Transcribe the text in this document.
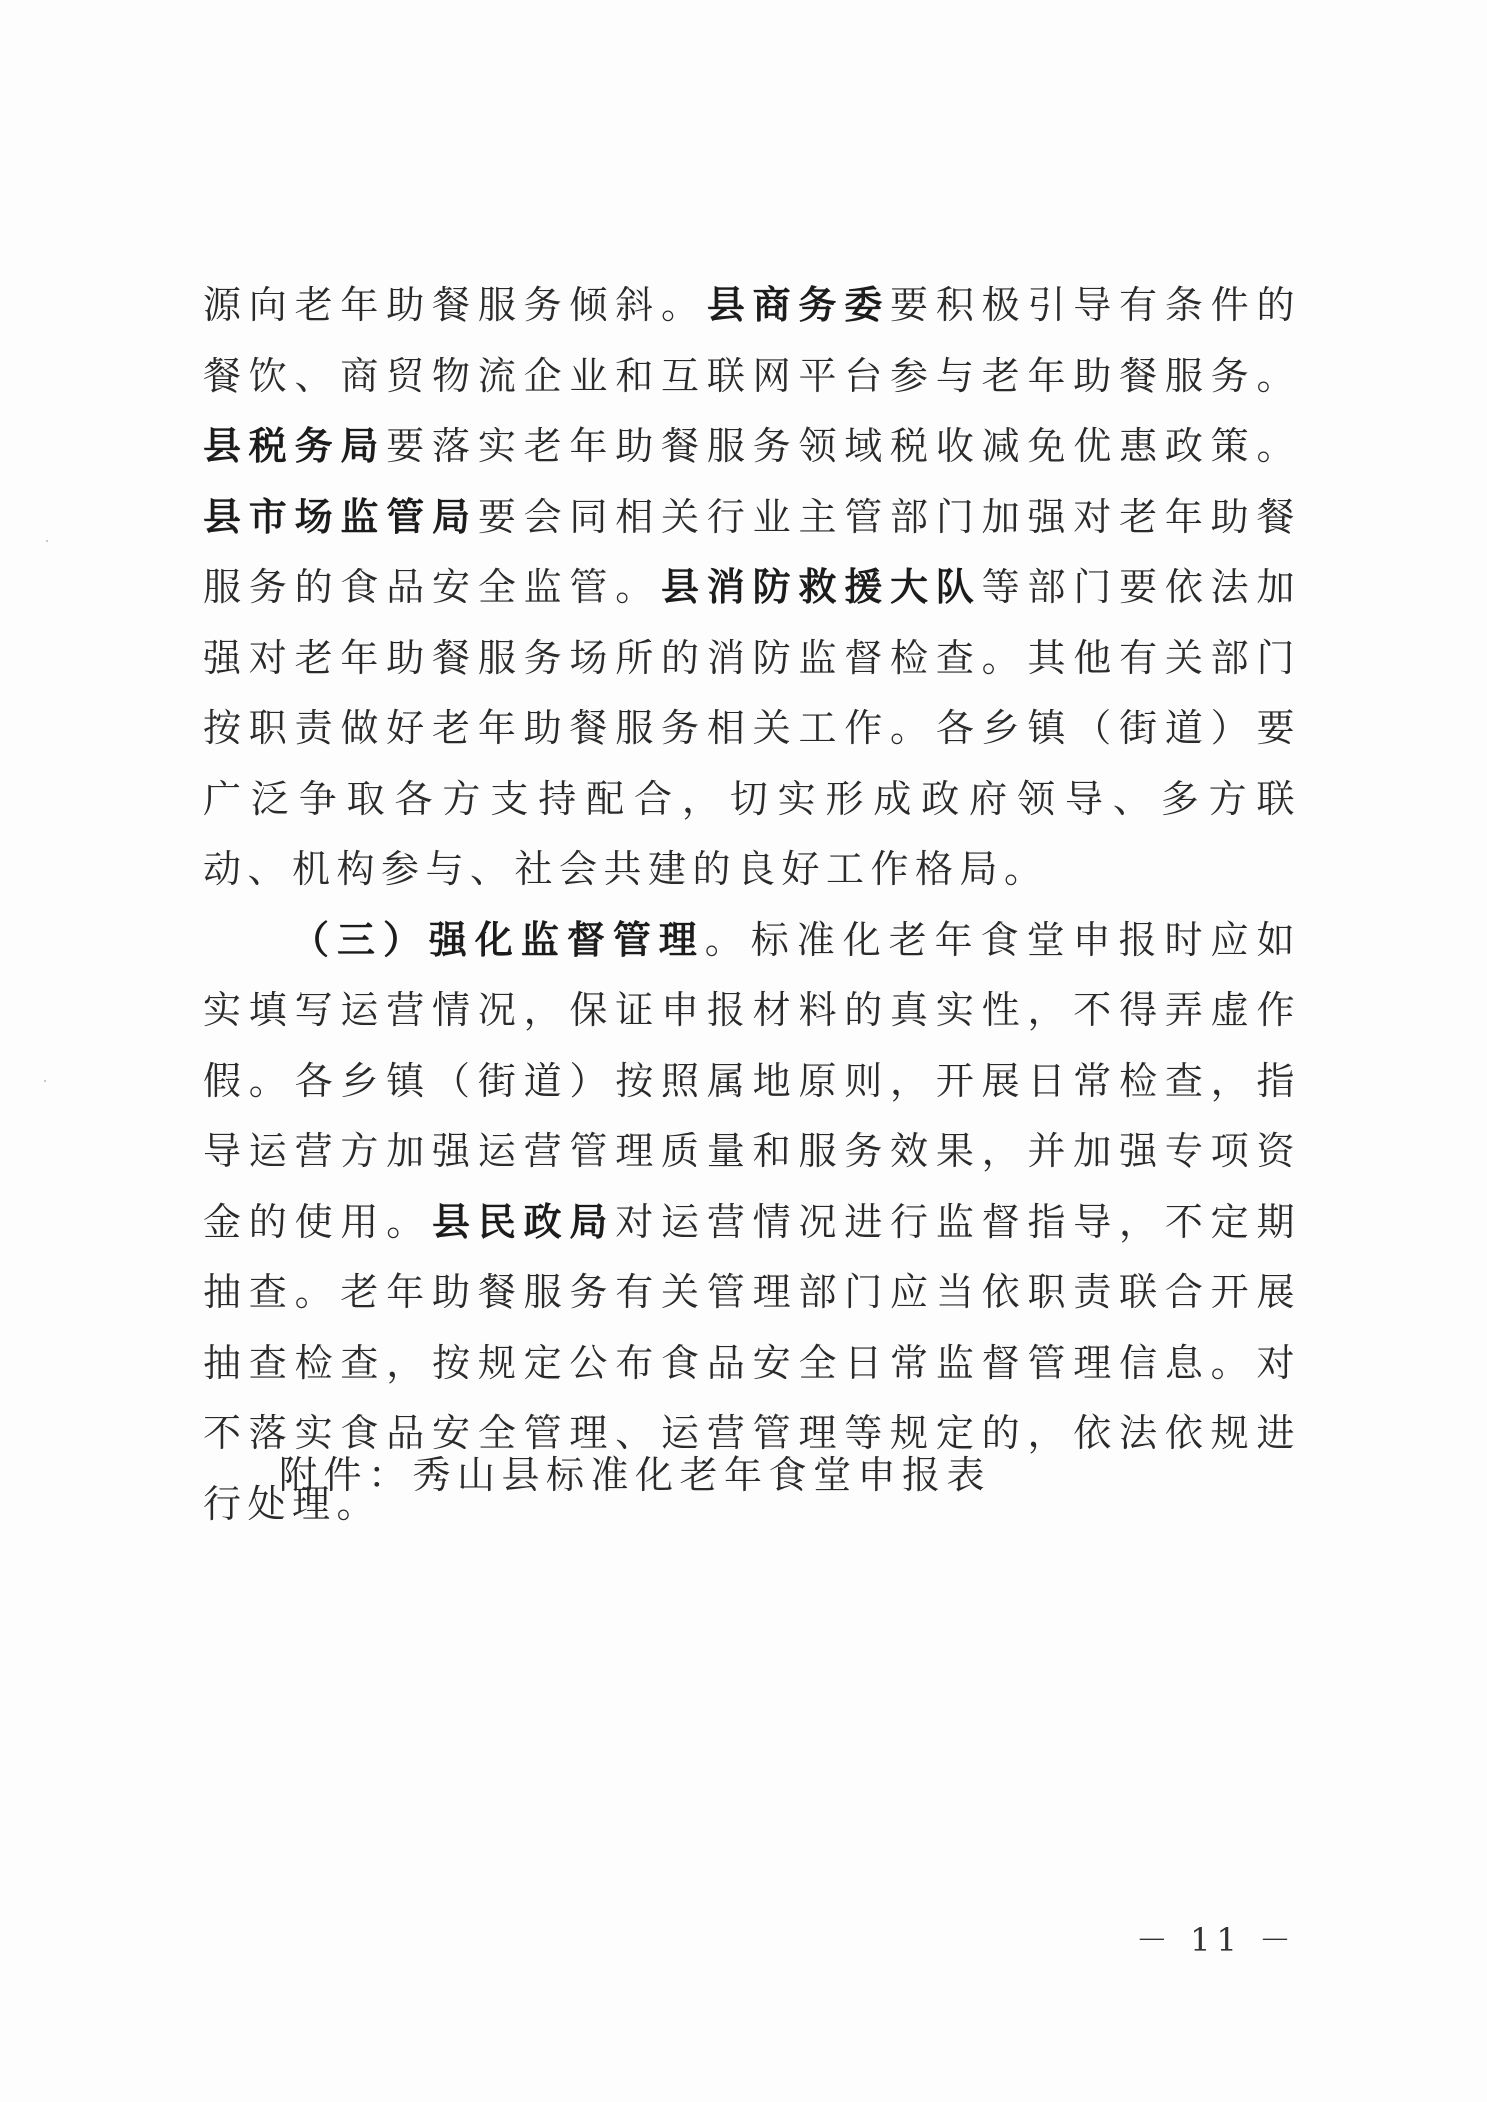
源向老年助餐服务倾斜。县商务委要积极引导有条件的餐饮、商贸物流企业和互联网平台参与老年助餐服务。县税务局要落实老年助餐服务领域税收减免优惠政策。县市场监管局要会同相关行业主管部门加强对老年助餐服务的食品安全监管。县消防救援大队等部门要依法加强对老年助餐服务场所的消防监督检查。其他有关部门按职责做好老年助餐服务相关工作。各乡镇（街道）要广泛争取各方支持配合，切实形成政府领导、多方联动、机构参与、社会共建的良好工作格局。

（三）强化监督管理。标准化老年食堂申报时应如实填写运营情况，保证申报材料的真实性，不得弄虚作假。各乡镇（街道）按照属地原则，开展日常检查，指导运营方加强运营管理质量和服务效果，并加强专项资金的使用。县民政局对运营情况进行监督指导，不定期抽查。老年助餐服务有关管理部门应当依职责联合开展抽查检查，按规定公布食品安全日常监督管理信息。对不落实食品安全管理、运营管理等规定的，依法依规进行处理。

附件：秀山县标准化老年食堂申报表

－ 11 －
